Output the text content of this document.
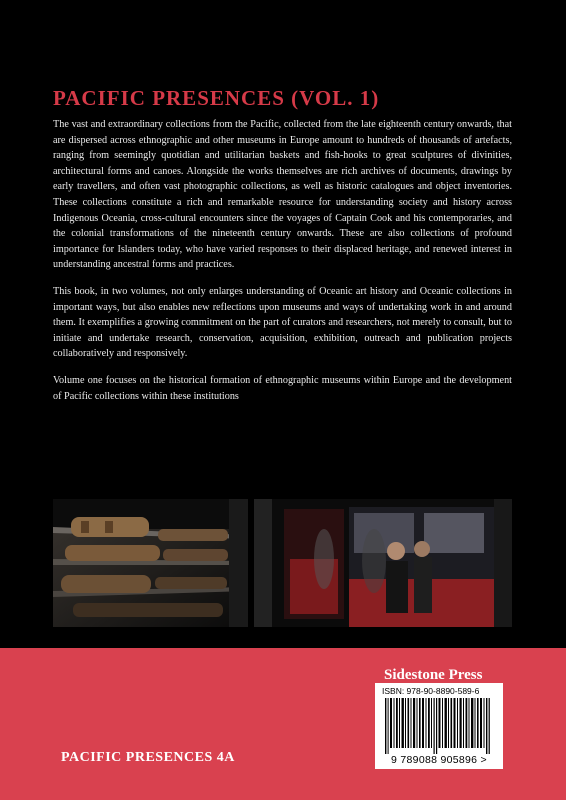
PACIFIC PRESENCES (VOL. 1)

The vast and extraordinary collections from the Pacific, collected from the late eighteenth century onwards, that are dispersed across ethnographic and other museums in Europe amount to hundreds of thousands of artefacts, ranging from seemingly quotidian and utilitarian baskets and fish-hooks to great sculptures of divinities, architectural forms and canoes. Alongside the works themselves are rich archives of documents, drawings by early travellers, and often vast photographic collections, as well as historic catalogues and object inventories. These collections constitute a rich and remarkable resource for understanding society and history across Indigenous Oceania, cross-cultural encounters since the voyages of Captain Cook and his contemporaries, and the colonial transformations of the nineteenth century onwards. These are also collections of profound importance for Islanders today, who have varied responses to their displaced heritage, and renewed interest in understanding ancestral forms and practices.

This book, in two volumes, not only enlarges understanding of Oceanic art history and Oceanic collections in important ways, but also enables new reflections upon museums and ways of undertaking work in and around them. It exemplifies a growing commitment on the part of curators and researchers, not merely to consult, but to initiate and undertake research, conservation, acquisition, exhibition, outreach and publication projects collaboratively and responsively.

Volume one focuses on the historical formation of ethnographic museums within Europe and the development of Pacific collections within these institutions

Sidestone Press
ISBN: 978-90-8890-589-6
9 789088 905896 >
PACIFIC PRESENCES 4A
